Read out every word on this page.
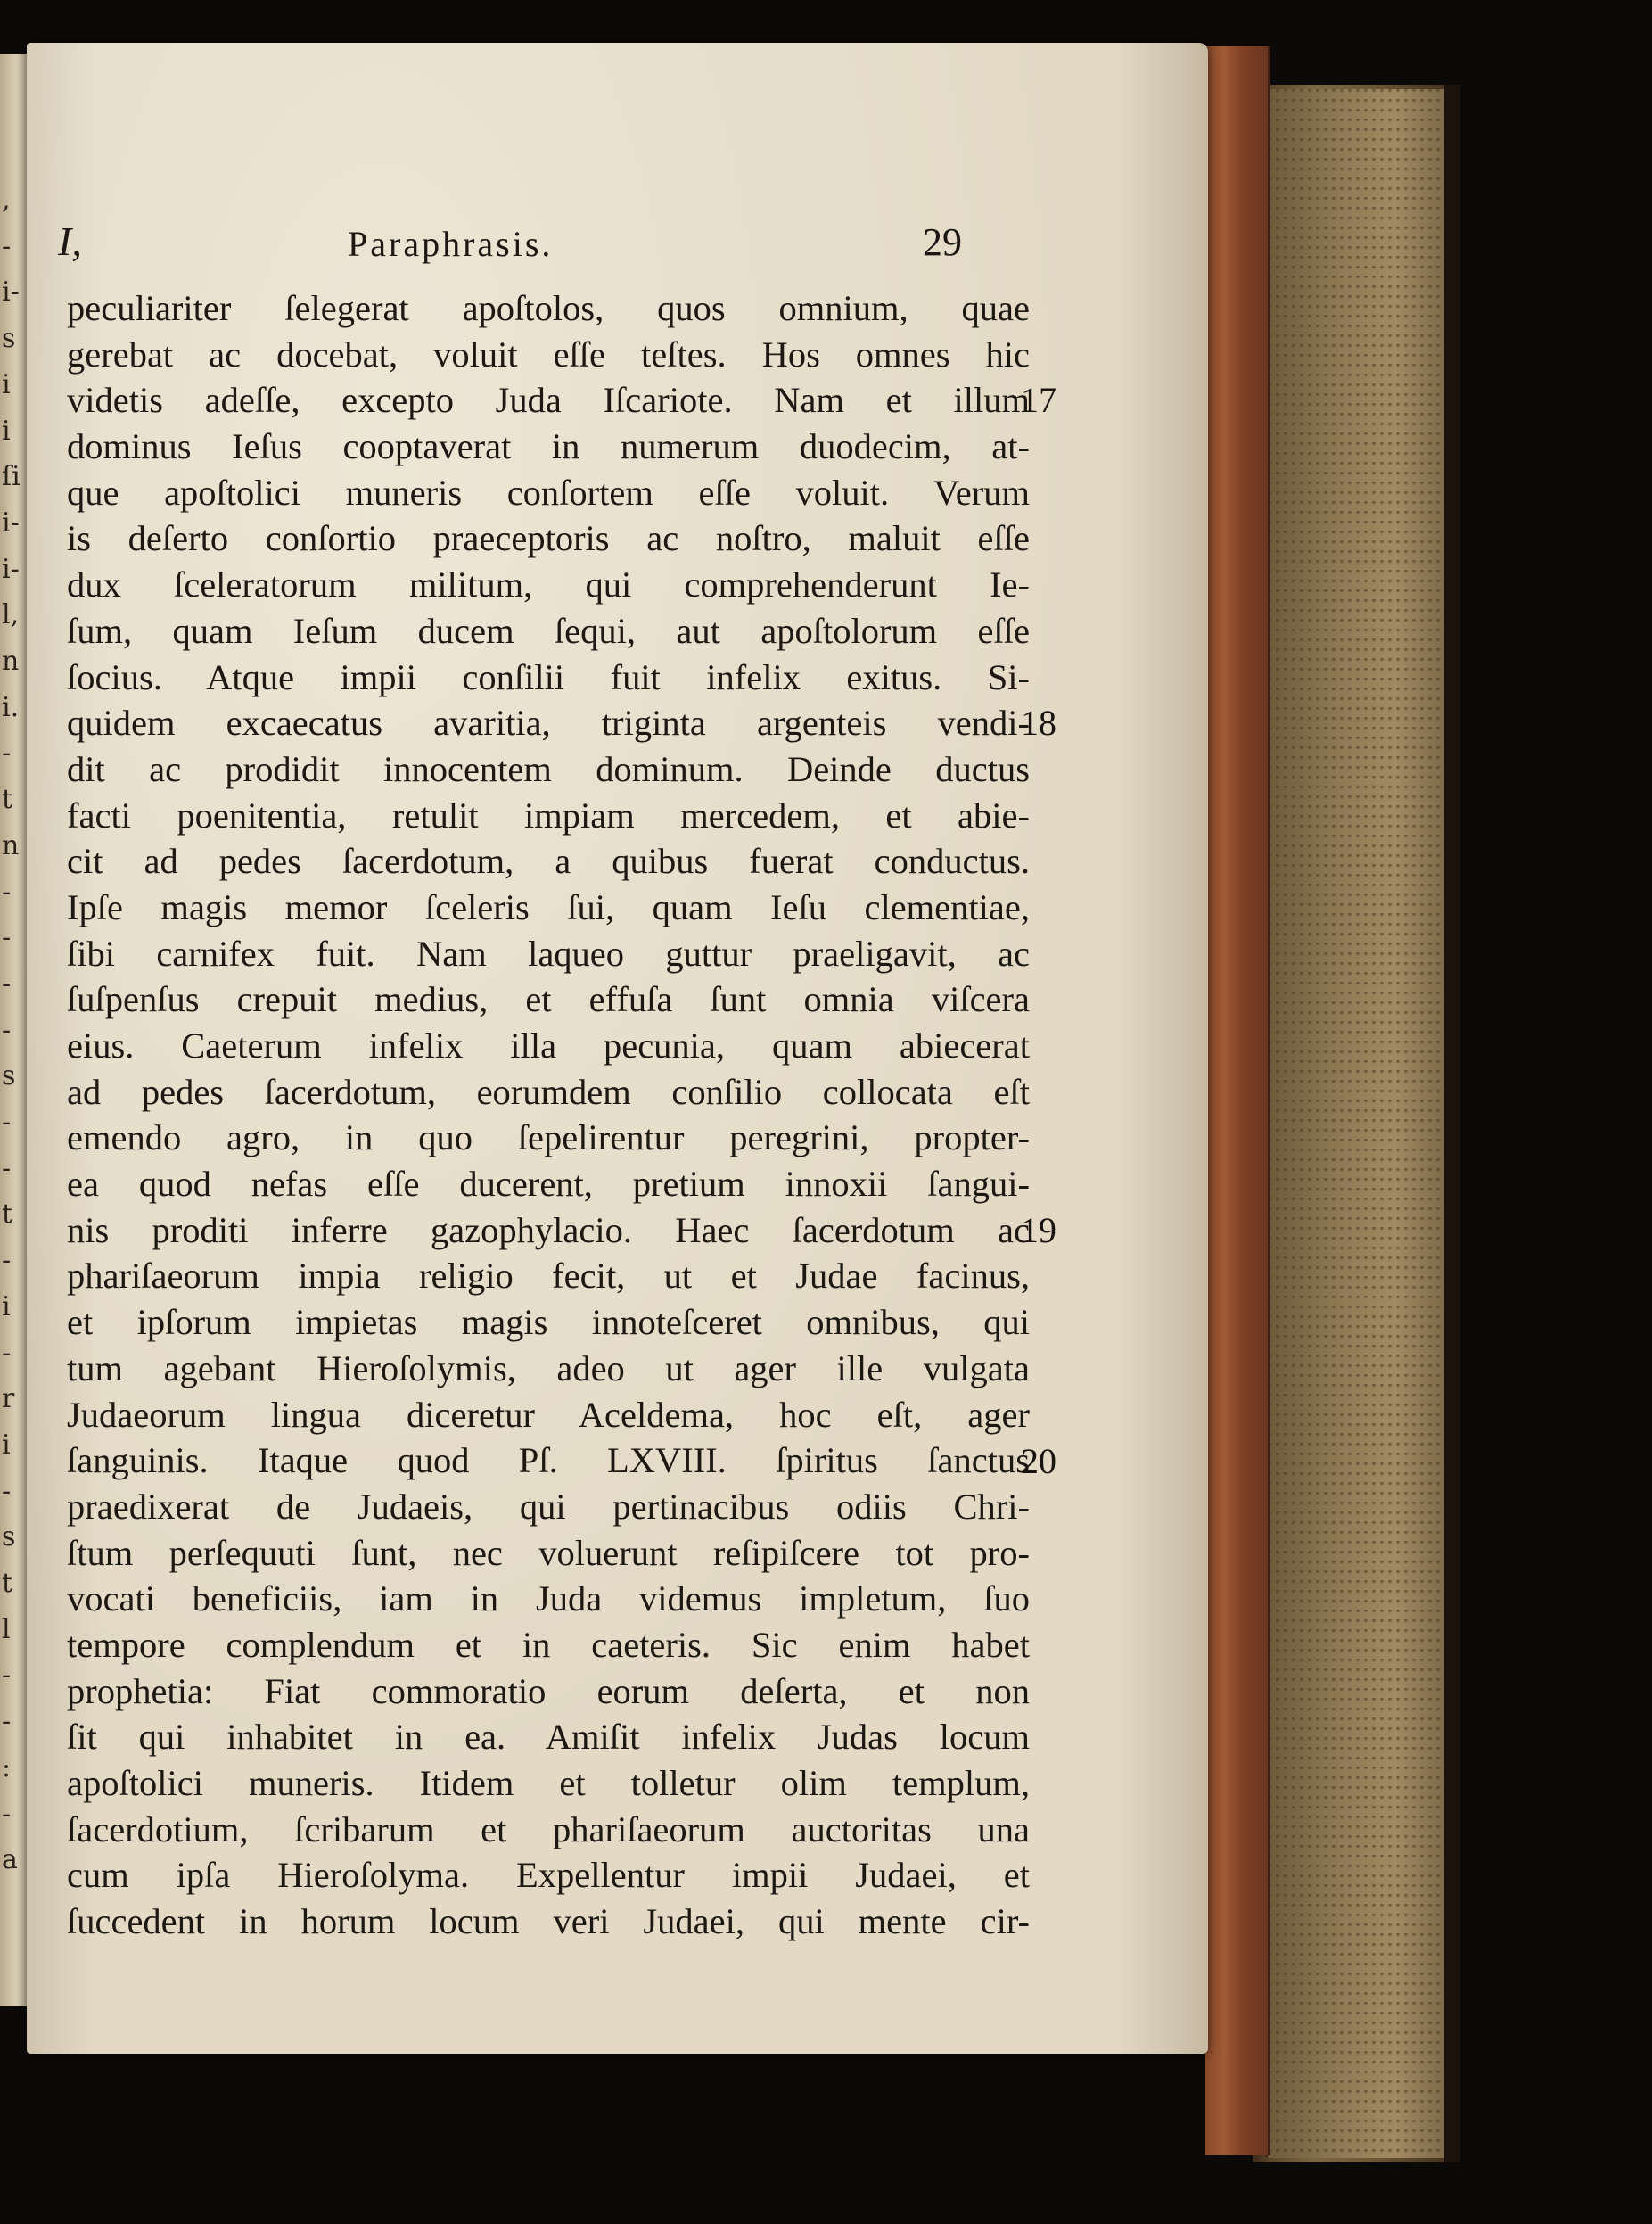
,
-
i-
s
i
i
ſi
i-
i-
l,
n
i.
-
t
n
-
-
-
-
s
-
-
t
-
i
-
r
i
-
s
t
l
-
-
:
-
a
I,	Paraphrasis.	29
peculiariter ſelegerat apoſtolos, quos omnium, quae
gerebat ac docebat, voluit eſſe teſtes. Hos omnes hic
videtis adeſſe, excepto Juda Iſcariote. Nam et illum
dominus Ieſus cooptaverat in numerum duodecim, at-
que apoſtolici muneris conſortem eſſe voluit. Verum
is deſerto conſortio praeceptoris ac noſtro, maluit eſſe
dux ſceleratorum militum, qui comprehenderunt Ie-
ſum, quam Ieſum ducem ſequi, aut apoſtolorum eſſe
ſocius. Atque impii conſilii fuit infelix exitus. Si-
quidem excaecatus avaritia, triginta argenteis vendi-
dit ac prodidit innocentem dominum. Deinde ductus
facti poenitentia, retulit impiam mercedem, et abie-
cit ad pedes ſacerdotum, a quibus fuerat conductus.
Ipſe magis memor ſceleris ſui, quam Ieſu clementiae,
ſibi carnifex fuit. Nam laqueo guttur praeligavit, ac
ſuſpenſus crepuit medius, et effuſa ſunt omnia viſcera
eius. Caeterum infelix illa pecunia, quam abiecerat
ad pedes ſacerdotum, eorumdem conſilio collocata eſt
emendo agro, in quo ſepelirentur peregrini, propter-
ea quod nefas eſſe ducerent, pretium innoxii ſangui-
nis proditi inferre gazophylacio. Haec ſacerdotum ac
phariſaeorum impia religio fecit, ut et Judae facinus,
et ipſorum impietas magis innoteſceret omnibus, qui
tum agebant Hieroſolymis, adeo ut ager ille vulgata
Judaeorum lingua diceretur Aceldema, hoc eſt, ager
ſanguinis. Itaque quod Pſ. LXVIII. ſpiritus ſanctus
praedixerat de Judaeis, qui pertinacibus odiis Chri-
ſtum perſequuti ſunt, nec voluerunt reſipiſcere tot pro-
vocati beneficiis, iam in Juda videmus impletum, ſuo
tempore complendum et in caeteris. Sic enim habet
prophetia: Fiat commoratio eorum deſerta, et non
ſit qui inhabitet in ea. Amiſit infelix Judas locum
apoſtolici muneris. Itidem et tolletur olim templum,
ſacerdotium, ſcribarum et phariſaeorum auctoritas una
cum ipſa Hieroſolyma. Expellentur impii Judaei, et
ſuccedent in horum locum veri Judaei, qui mente cir-
17
18
19
20
